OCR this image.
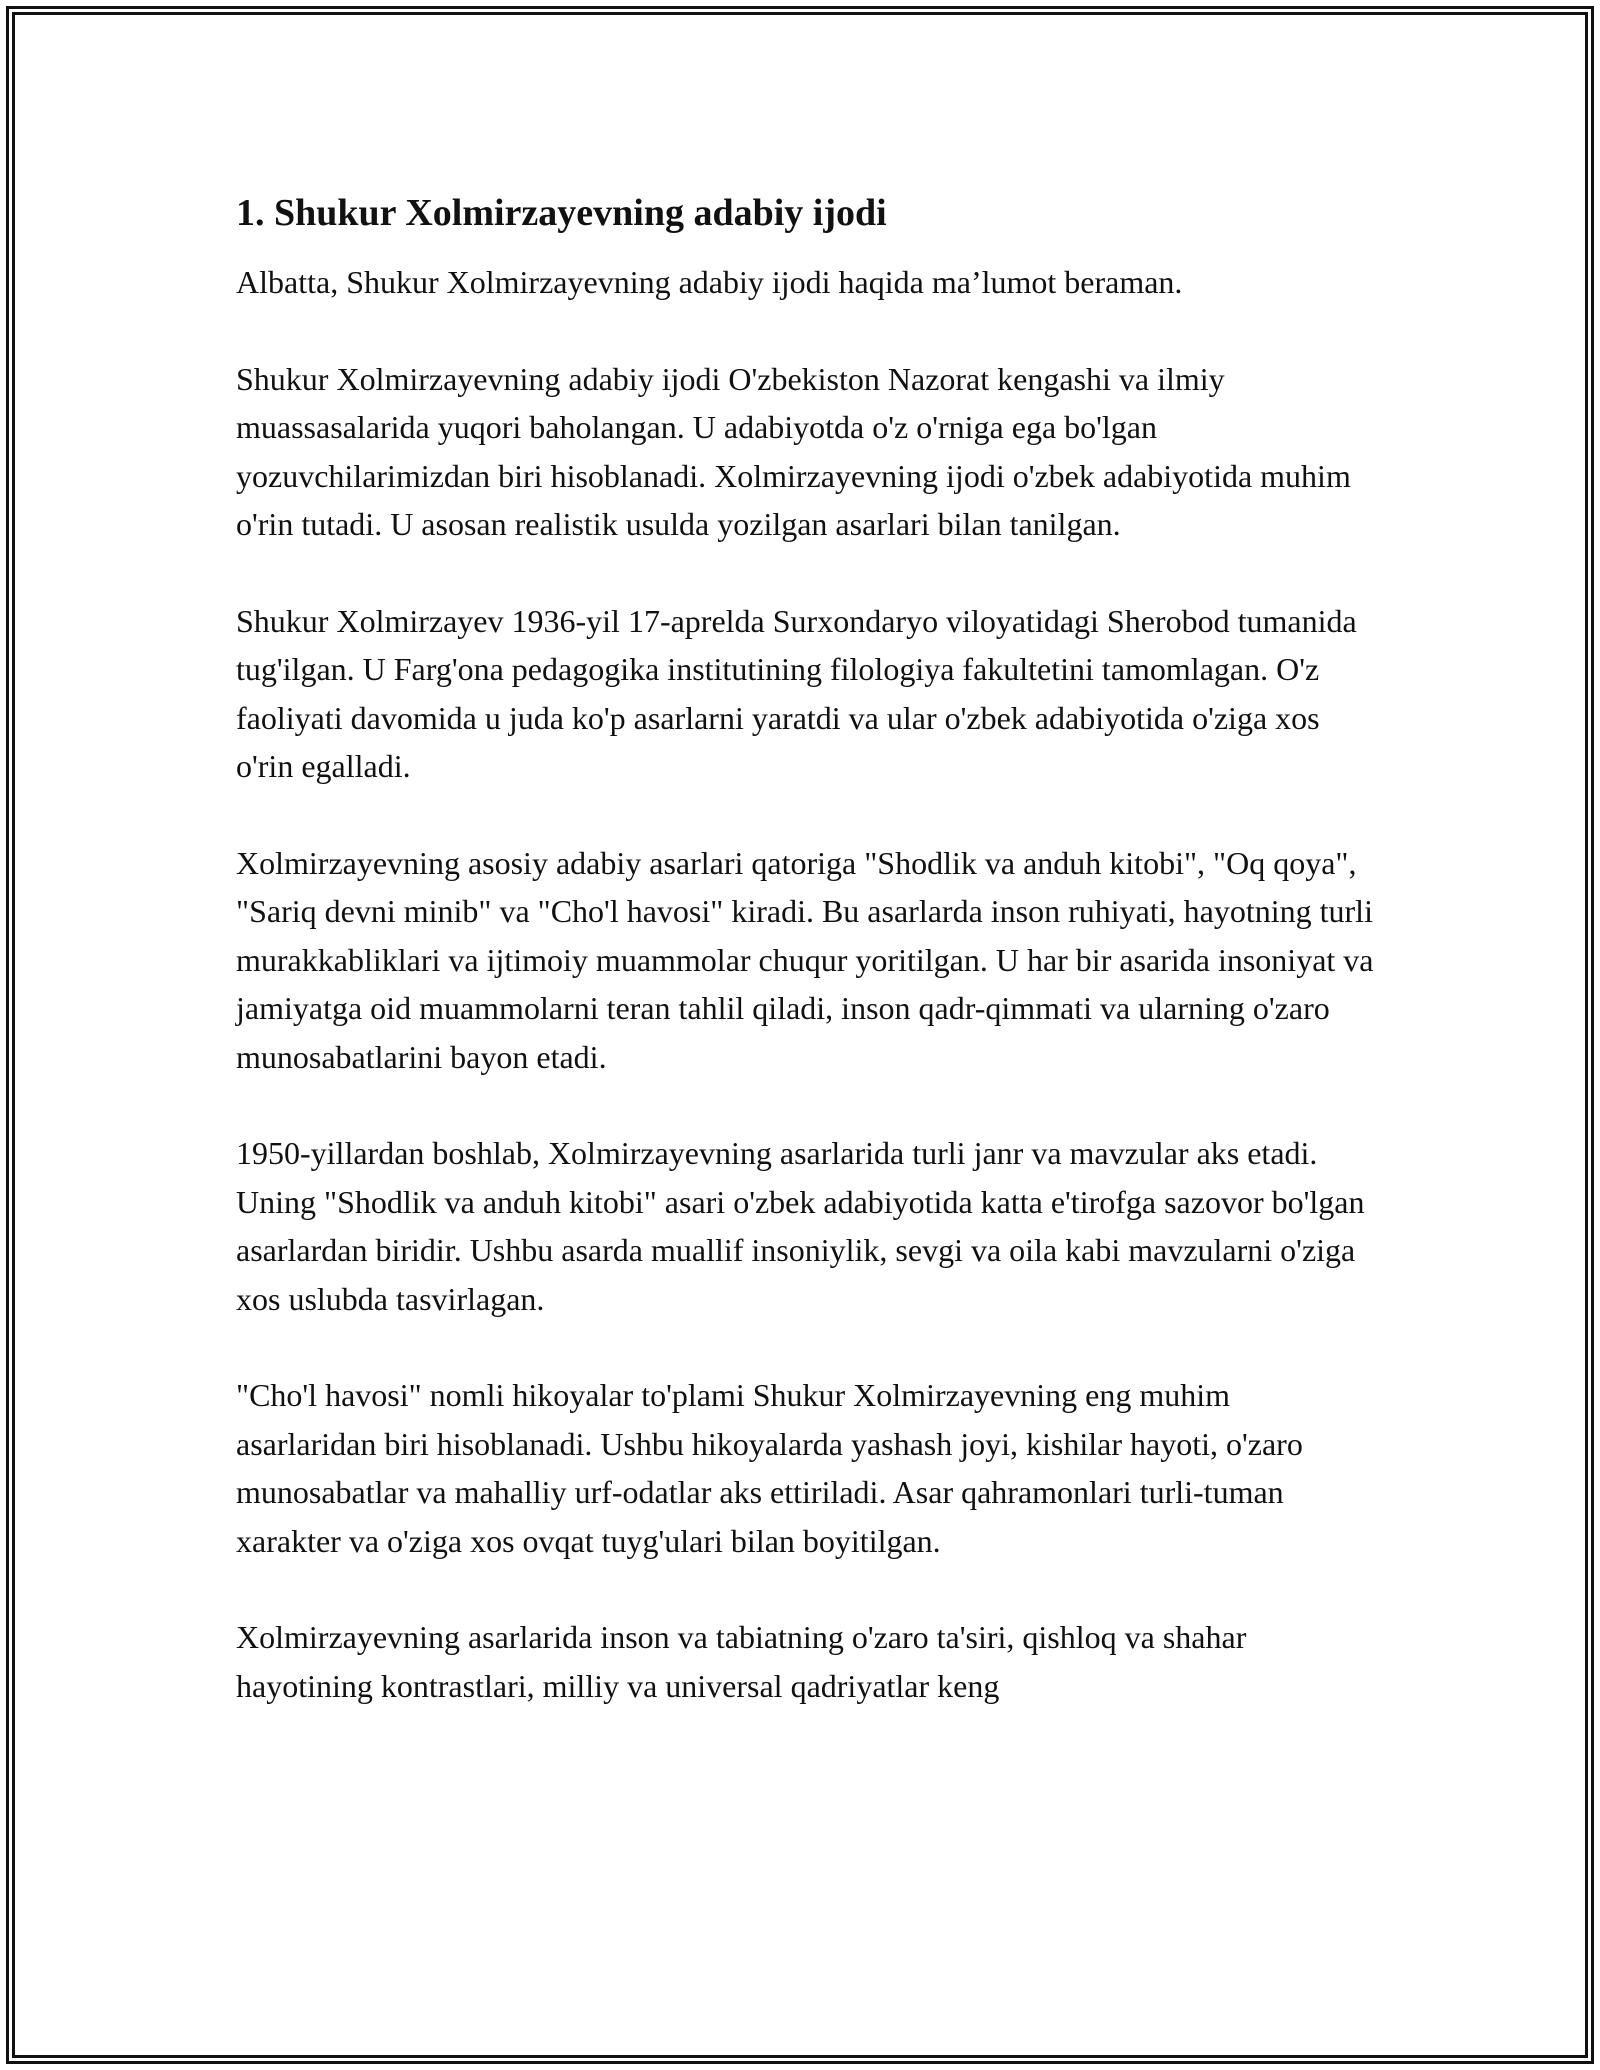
1. Shukur Xolmirzayevning adabiy ijodi

Albatta, Shukur Xolmirzayevning adabiy ijodi haqida ma’lumot beraman.

Shukur Xolmirzayevning adabiy ijodi O'zbekiston Nazorat kengashi va ilmiy muassasalarida yuqori baholangan. U adabiyotda o'z o'rniga ega bo'lgan yozuvchilarimizdan biri hisoblanadi. Xolmirzayevning ijodi o'zbek adabiyotida muhim o'rin tutadi. U asosan realistik usulda yozilgan asarlari bilan tanilgan.

Shukur Xolmirzayev 1936-yil 17-aprelda Surxondaryo viloyatidagi Sherobod tumanida tug'ilgan. U Farg'ona pedagogika institutining filologiya fakultetini tamomlagan. O'z faoliyati davomida u juda ko'p asarlarni yaratdi va ular o'zbek adabiyotida o'ziga xos o'rin egalladi.

Xolmirzayevning asosiy adabiy asarlari qatoriga "Shodlik va anduh kitobi", "Oq qoya", "Sariq devni minib" va "Cho'l havosi" kiradi. Bu asarlarda inson ruhiyati, hayotning turli murakkabliklari va ijtimoiy muammolar chuqur yoritilgan. U har bir asarida insoniyat va jamiyatga oid muammolarni teran tahlil qiladi, inson qadr-qimmati va ularning o'zaro munosabatlarini bayon etadi.

1950-yillardan boshlab, Xolmirzayevning asarlarida turli janr va mavzular aks etadi. Uning "Shodlik va anduh kitobi" asari o'zbek adabiyotida katta e'tirofga sazovor bo'lgan asarlardan biridir. Ushbu asarda muallif insoniylik, sevgi va oila kabi mavzularni o'ziga xos uslubda tasvirlagan.

"Cho'l havosi" nomli hikoyalar to'plami Shukur Xolmirzayevning eng muhim asarlaridan biri hisoblanadi. Ushbu hikoyalarda yashash joyi, kishilar hayoti, o'zaro munosabatlar va mahalliy urf-odatlar aks ettiriladi. Asar qahramonlari turli-tuman xarakter va o'ziga xos ovqat tuyg'ulari bilan boyitilgan.

Xolmirzayevning asarlarida inson va tabiatning o'zaro ta'siri, qishloq va shahar hayotining kontrastlari, milliy va universal qadriyatlar keng
